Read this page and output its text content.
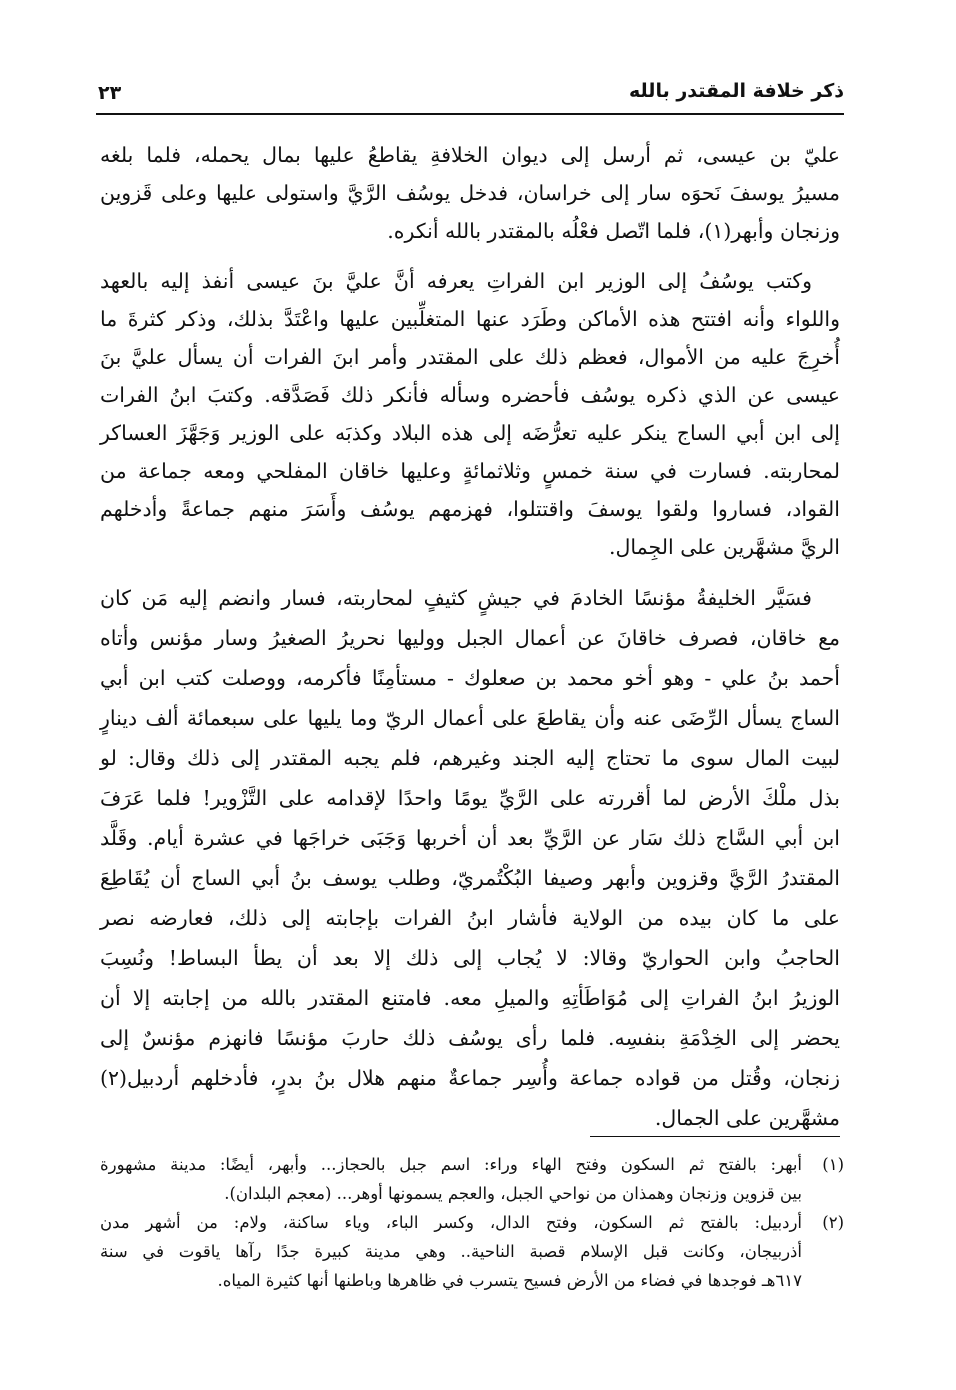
ذكر خلافة المقتدر بالله
٢٣
عليّ بن عيسى، ثم أرسل إلى ديوان الخلافةِ يقاطعُ عليها بمال يحمله، فلما بلغه
مسيرُ يوسفَ نَحوَه سار إلى خراسان، فدخل يوسُف الرَّيَّ واستولى عليها وعلى قَزوين
وزنجان وأبهر(١)، فلما اتّصل فعْلُه بالمقتدر بالله أنكره.
وكتب يوسُفُ إلى الوزير ابن الفراتِ يعرفه أنَّ عليَّ بنَ عيسى أنفذ إليه بالعهد
واللواء وأنه افتتح هذه الأماكن وطَرَد عنها المتغلِّبين عليها واعْتَدَّ بذلك، وذكر كثرةَ ما
أُخرِجَ عليه من الأموال، فعظم ذلك على المقتدر وأمر ابنَ الفرات أن يسأل عليَّ بنَ
عيسى عن الذي ذكره يوسُف فأحضره وسأله فأنكر ذلك فَصَدَّقه. وكتبَ ابنُ الفرات
إلى ابن أبي الساج ينكر عليه تعرُّضَه إلى هذه البلاد وكذبَه على الوزير وَجَهَّزَ العساكر
لمحاربته. فسارت في سنة خمسٍ وثلاثمائةٍ وعليها خاقان المفلحي ومعه جماعة من
القواد، فساروا ولقوا يوسفَ واقتتلوا، فهزمهم يوسُف وأَسَرَ منهم جماعةً وأدخلهم
الريَّ مشهَّرين على الجِمال.
فسَيَّر الخليفةُ مؤنسًا الخادمَ في جيشٍ كثيفٍ لمحاربته، فسار وانضم إليه مَن كان
مع خاقان، فصرف خاقانَ عن أعمال الجبل ووليها نحريرُ الصغيرُ وسار مؤنس وأتاه
أحمد بنُ علي - وهو أخو محمد بن صعلوك - مستأمِنًا فأكرمه، ووصلت كتب ابن أبي
الساج يسأل الرِّضَى عنه وأن يقاطعَ على أعمال الريّ وما يليها على سبعمائة ألف دينارٍ
لبيت المال سوى ما تحتاج إليه الجند وغيرهم، فلم يجبه المقتدر إلى ذلك وقال: لو
بذل ملْكَ الأرض لما أقررته على الرَّيِّ يومًا واحدًا لإقدامه على التَّزْوير! فلما عَرَفَ
ابن أبي السَّاج ذلك سَار عن الرَّيِّ بعد أن أخربها وَجَبَى خراجَها في عشرة أيام. وقَلَّد
المقتدرُ الرَّيَّ وقزوين وأبهر وصيفا البُكْتُمريّ، وطلب يوسف بنُ أبي الساج أن يُقَاطِعَ
على ما كان بيده من الولاية فأشار ابنُ الفرات بإجابته إلى ذلك، فعارضه نصر
الحاجبُ وابن الحواريّ وقالا: لا يُجاب إلى ذلك إلا بعد أن يطأ البساط! ونُسِبَ
الوزيرُ ابنُ الفراتِ إلى مُوَاطَأتِهِ والميلِ معه. فامتنع المقتدر بالله من إجابته إلا أن
يحضر إلى الخِدْمَةِ بنفسِه. فلما رأى يوسُف ذلك حاربَ مؤنسًا فانهزم مؤنسٌ إلى
زنجان، وقُتل من قواده جماعة وأُسِر جماعةٌ منهم هلال بنُ بدرٍ، فأدخلهم أردبيل(٢)
مشهَّرين على الجمال.
(١)
أبهر: بالفتح ثم السكون وفتح الهاء وراء: اسم جبل بالحجاز... وأبهر، أيضًا: مدينة مشهورة
بين قزوين وزنجان وهمذان من نواحي الجبل، والعجم يسمونها أوهر... (معجم البلدان).
(٢)
أردبيل: بالفتح ثم السكون، وفتح الدال، وكسر الباء، وياء ساكنة، ولام: من أشهر مدن
أذربيجان، وكانت قبل الإسلام قصبة الناحية.. وهي مدينة كبيرة جدًا رآها ياقوت في سنة
٦١٧هـ فوجدها في فضاء من الأرض فسيح يتسرب في ظاهرها وباطنها أنها كثيرة المياه.
